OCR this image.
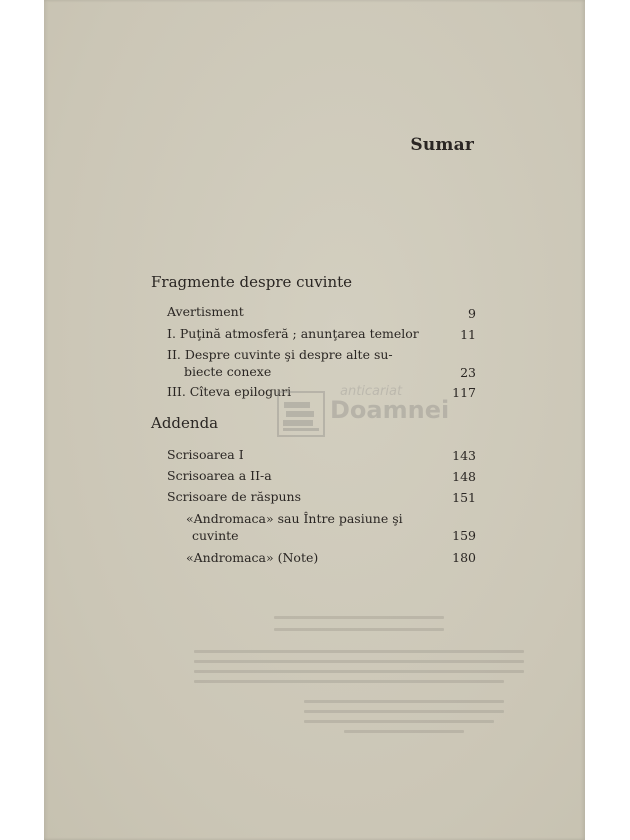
Sumar
Fragmente despre cuvinte
Avertisment	9
I. Puţină atmosferă ; anunţarea temelor	11
II. Despre cuvinte şi despre alte su-
biecte conexe	23
III. Cîteva epiloguri	117
Addenda
Scrisoarea I	143
Scrisoarea a II-a	148
Scrisoare de răspuns	151
«Andromaca» sau Între pasiune şi
cuvinte	159
«Andromaca» (Note)	180
anticariat
Doamnei
